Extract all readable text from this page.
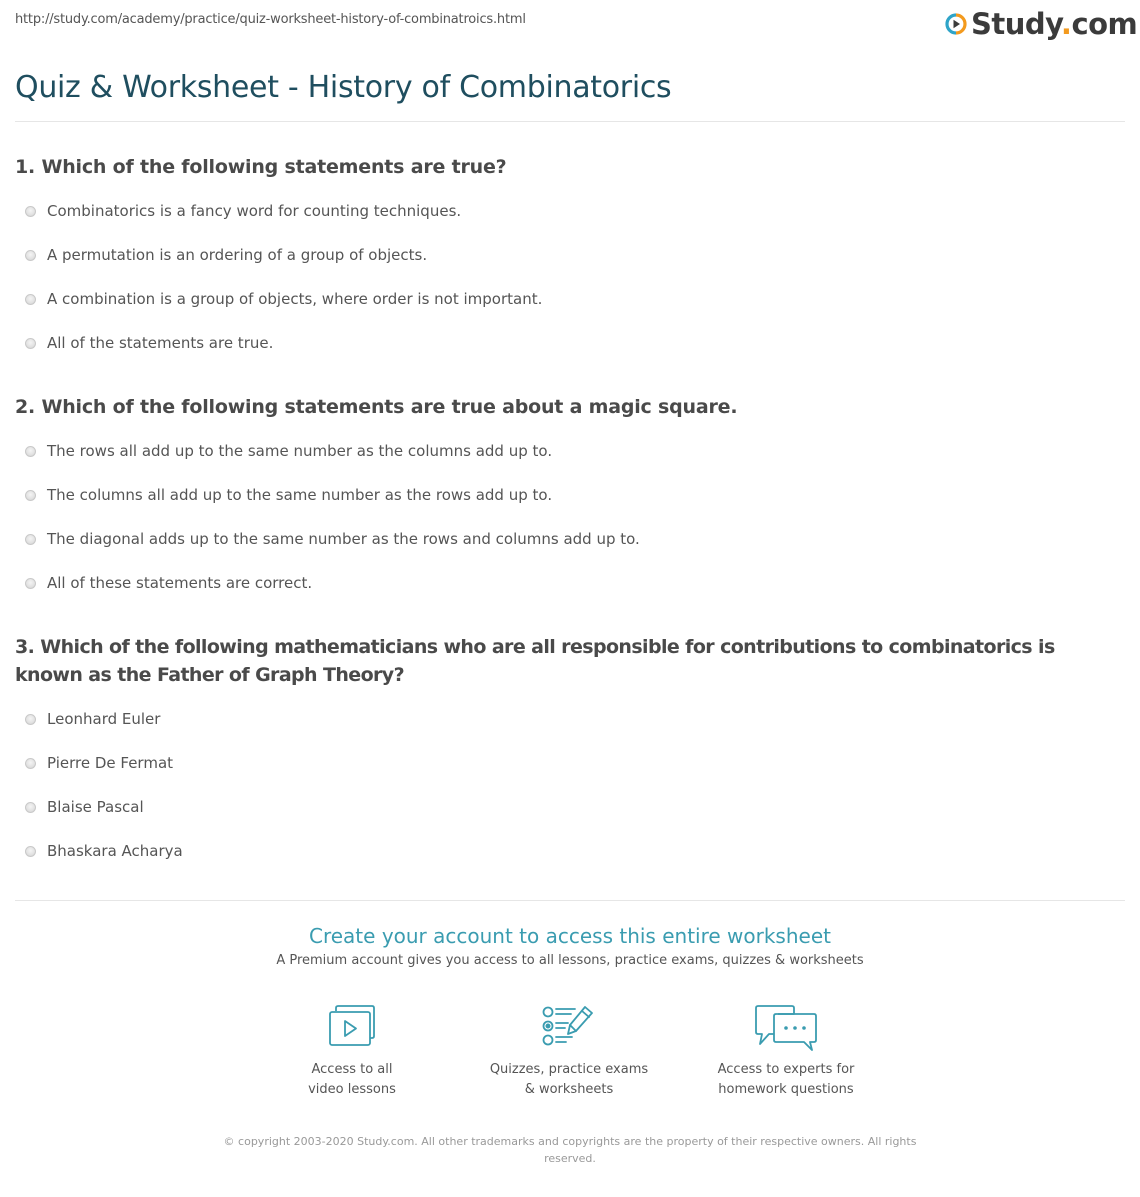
http://study.com/academy/practice/quiz-worksheet-history-of-combinatroics.html	Study.com
Quiz & Worksheet - History of Combinatorics
1. Which of the following statements are true?
Combinatorics is a fancy word for counting techniques.
A permutation is an ordering of a group of objects.
A combination is a group of objects, where order is not important.
All of the statements are true.
2. Which of the following statements are true about a magic square.
The rows all add up to the same number as the columns add up to.
The columns all add up to the same number as the rows add up to.
The diagonal adds up to the same number as the rows and columns add up to.
All of these statements are correct.
3. Which of the following mathematicians who are all responsible for contributions to combinatorics is known as the Father of Graph Theory?
Leonhard Euler
Pierre De Fermat
Blaise Pascal
Bhaskara Acharya
Create your account to access this entire worksheet
A Premium account gives you access to all lessons, practice exams, quizzes & worksheets
Access to all
video lessons
Quizzes, practice exams
& worksheets
Access to experts for
homework questions
© copyright 2003-2020 Study.com. All other trademarks and copyrights are the property of their respective owners. All rights reserved.
